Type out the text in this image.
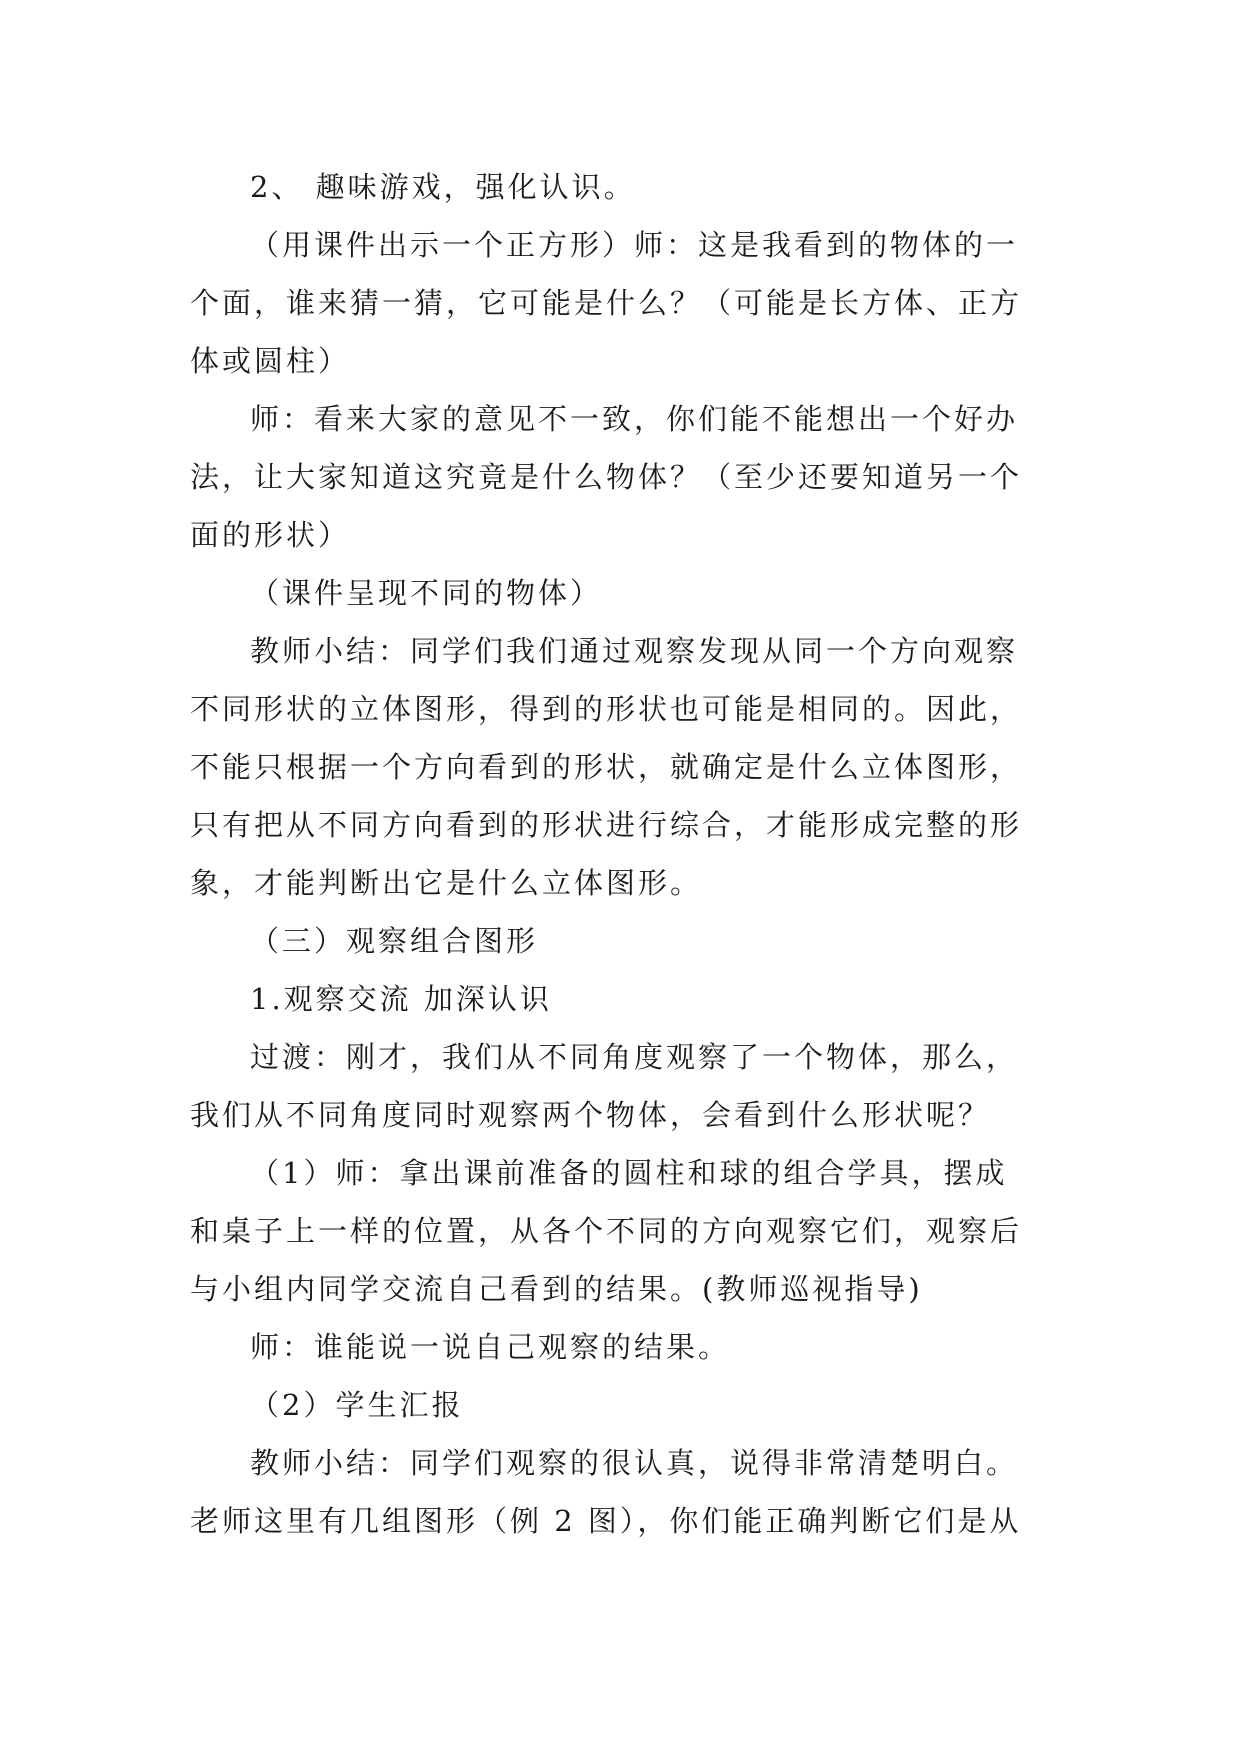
2、 趣味游戏，强化认识。
（用课件出示一个正方形）师：这是我看到的物体的一
个面，谁来猜一猜，它可能是什么？（可能是长方体、正方
体或圆柱）
师：看来大家的意见不一致，你们能不能想出一个好办
法，让大家知道这究竟是什么物体？（至少还要知道另一个
面的形状）
（课件呈现不同的物体）
教师小结：同学们我们通过观察发现从同一个方向观察
不同形状的立体图形，得到的形状也可能是相同的。因此，
不能只根据一个方向看到的形状，就确定是什么立体图形，
只有把从不同方向看到的形状进行综合，才能形成完整的形
象，才能判断出它是什么立体图形。
（三）观察组合图形
1.观察交流 加深认识
过渡：刚才，我们从不同角度观察了一个物体，那么，
我们从不同角度同时观察两个物体，会看到什么形状呢？
（1）师：拿出课前准备的圆柱和球的组合学具，摆成
和桌子上一样的位置，从各个不同的方向观察它们，观察后
与小组内同学交流自己看到的结果。(教师巡视指导)
师：谁能说一说自己观察的结果。
（2）学生汇报
教师小结：同学们观察的很认真，说得非常清楚明白。
老师这里有几组图形（例 2 图），你们能正确判断它们是从
